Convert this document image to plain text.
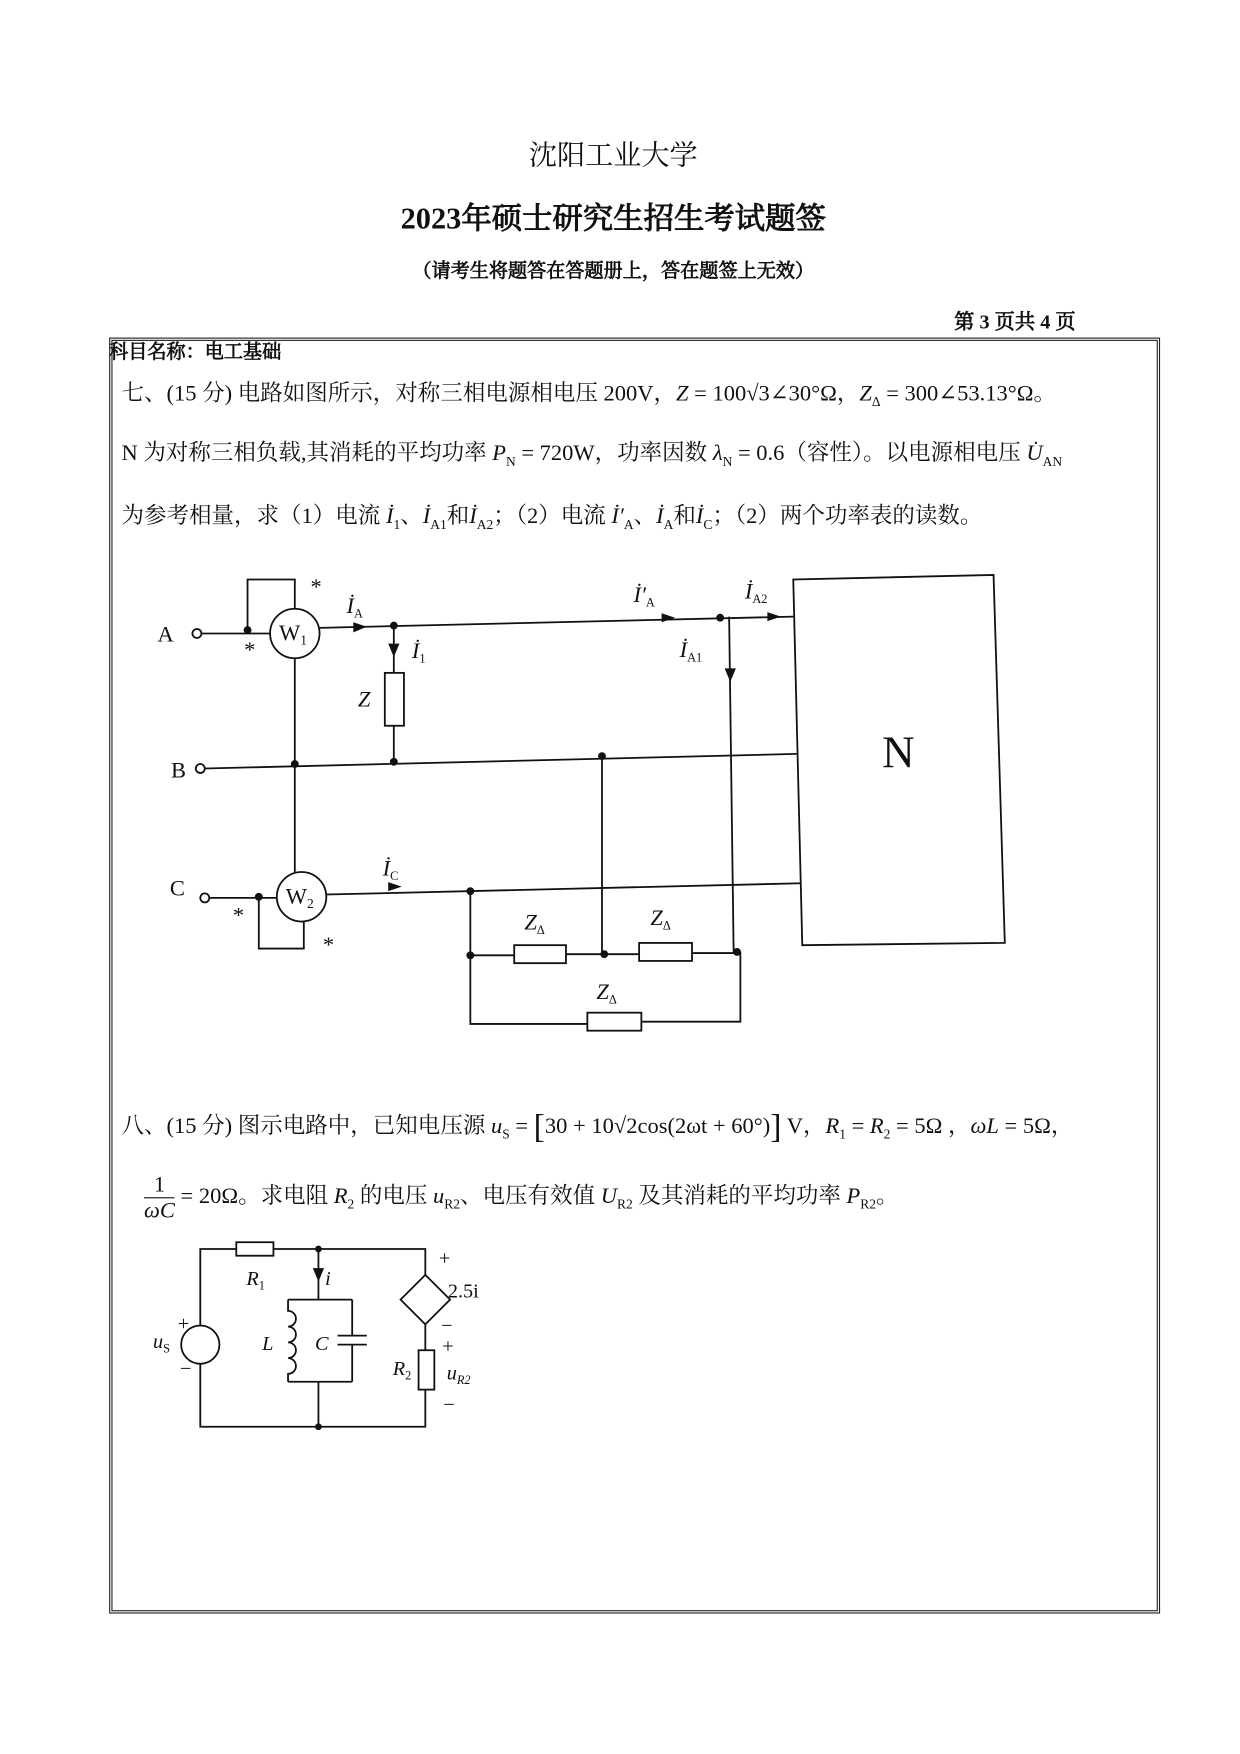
沈阳工业大学
2023年硕士研究生招生考试题签
（请考生将题答在答题册上，答在题签上无效）
第 3 页共 4 页
科目名称：电工基础
七、(15 分) 电路如图所示，对称三相电源相电压 200V，Z = 100√3∠30°Ω，$Z_\Delta$ = 300∠53.13°Ω。
N 为对称三相负载,其消耗的平均功率 $P_N = 720W$，功率因数 $\lambda_N = 0.6$（容性）。以电源相电压 $U̇_{AN}$
为参考相量，求（1）电流 $İ_1$、$İ_{A1}$和$İ_{A2}$；（2）电流 $İ'_A$、$İ_A$和$İ_C$；（2）两个功率表的读数。
A
B
C
$W_1$
$W_2$
*
*
*
*
$İ_A$
$İ_1$
Z
$İ'_A$	$İ_{A2}$
$İ_{A1}$
$İ_C$
$Z_\Delta$
$Z_\Delta$
$Z_\Delta$
N
八、(15 分) 图示电路中，已知电压源 $u_S = [30 + 10√2\cos(2\omega t + 60^\circ)]$ V，$R_1 = R_2 = 5\Omega$ ，ωL = 5Ω，
$\frac{1}{\omega C} = 20\Omega$。求电阻 $R_2$ 的电压 $u_{R2}$、电压有效值 $U_{R2}$ 及其消耗的平均功率 $P_{R2}$。
$R_1$	i
L C
+
$u_S$
−
+
2.5i
−
+
$u_{R2}$
−
$R_2$
